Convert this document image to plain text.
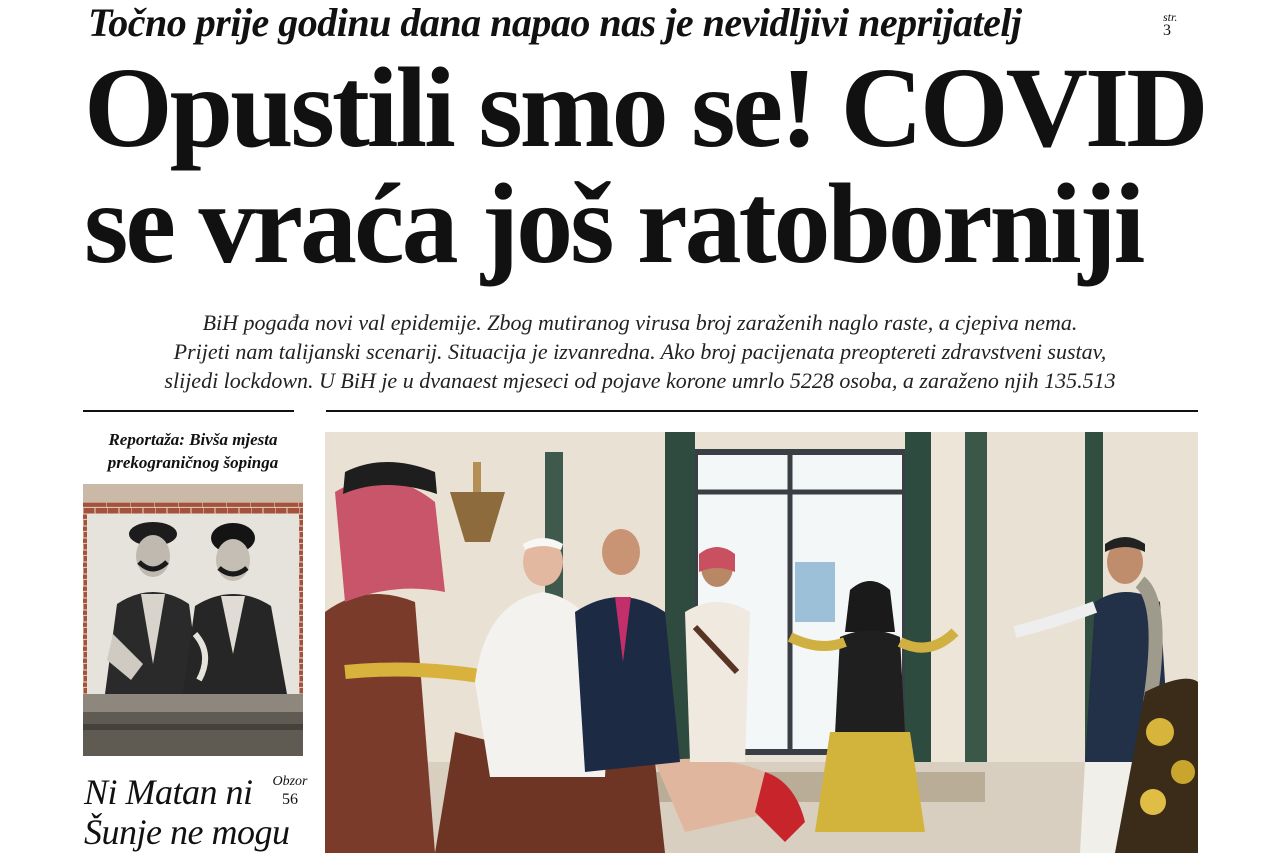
Točno prije godinu dana napao nas je nevidljivi neprijatelj	str.
3
Opustili smo se! COVID
se vraća još ratoborniji
BiH pogađa novi val epidemije. Zbog mutiranog virusa broj zaraženih naglo raste, a cjepiva nema.
Prijeti nam talijanski scenarij. Situacija je izvanredna. Ako broj pacijenata preoptereti zdravstveni sustav,
slijedi lockdown. U BiH je u dvanaest mjeseci od pojave korone umrlo 5228 osoba, a zaraženo njih 135.513
Reportaža: Bivša mjesta
prekograničnog šopinga
Ni Matan ni
Šunje ne mogu
Obzor
56
